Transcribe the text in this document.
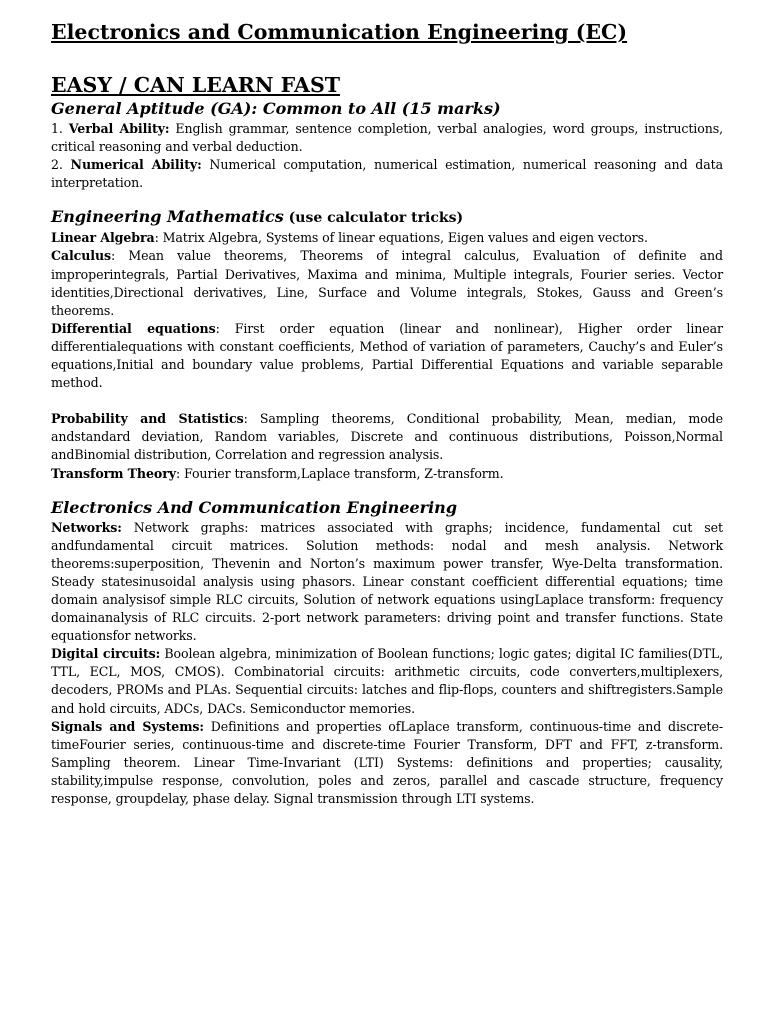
Electronics and Communication Engineering (EC)
EASY / CAN LEARN FAST
General Aptitude (GA): Common to All (15 marks)

1. Verbal Ability: English grammar, sentence completion, verbal analogies, word groups, instructions, critical reasoning and verbal deduction.

2. Numerical Ability: Numerical computation, numerical estimation, numerical reasoning and data interpretation.

Engineering Mathematics (use calculator tricks)

Linear Algebra: Matrix Algebra, Systems of linear equations, Eigen values and eigen vectors.

Calculus: Mean value theorems, Theorems of integral calculus, Evaluation of definite and improperintegrals, Partial Derivatives, Maxima and minima, Multiple integrals, Fourier series. Vector identities,Directional derivatives, Line, Surface and Volume integrals, Stokes, Gauss and Green’s theorems.

Differential equations: First order equation (linear and nonlinear), Higher order linear differentialequations with constant coefficients, Method of variation of parameters, Cauchy’s and Euler’s equations,Initial and boundary value problems, Partial Differential Equations and variable separable method.

Probability and Statistics: Sampling theorems, Conditional probability, Mean, median, mode andstandard deviation, Random variables, Discrete and continuous distributions, Poisson,Normal andBinomial distribution, Correlation and regression analysis.

Transform Theory: Fourier transform,Laplace transform, Z-transform.

Electronics And Communication Engineering

Networks: Network graphs: matrices associated with graphs; incidence, fundamental cut set andfundamental circuit matrices. Solution methods: nodal and mesh analysis. Network theorems:superposition, Thevenin and Norton’s maximum power transfer, Wye-Delta transformation. Steady statesinusoidal analysis using phasors. Linear constant coefficient differential equations; time domain analysisof simple RLC circuits, Solution of network equations usingLaplace transform: frequency domainanalysis of RLC circuits. 2-port network parameters: driving point and transfer functions. State equationsfor networks.

Digital circuits: Boolean algebra, minimization of Boolean functions; logic gates; digital IC families(DTL, TTL, ECL, MOS, CMOS). Combinatorial circuits: arithmetic circuits, code converters,multiplexers, decoders, PROMs and PLAs. Sequential circuits: latches and flip-flops, counters and shiftregisters.Sample and hold circuits, ADCs, DACs. Semiconductor memories.

Signals and Systems: Definitions and properties ofLaplace transform, continuous-time and discrete-timeFourier series, continuous-time and discrete-time Fourier Transform, DFT and FFT, z-transform. Sampling theorem. Linear Time-Invariant (LTI) Systems: definitions and properties; causality, stability,impulse response, convolution, poles and zeros, parallel and cascade structure, frequency response, groupdelay, phase delay. Signal transmission through LTI systems.
